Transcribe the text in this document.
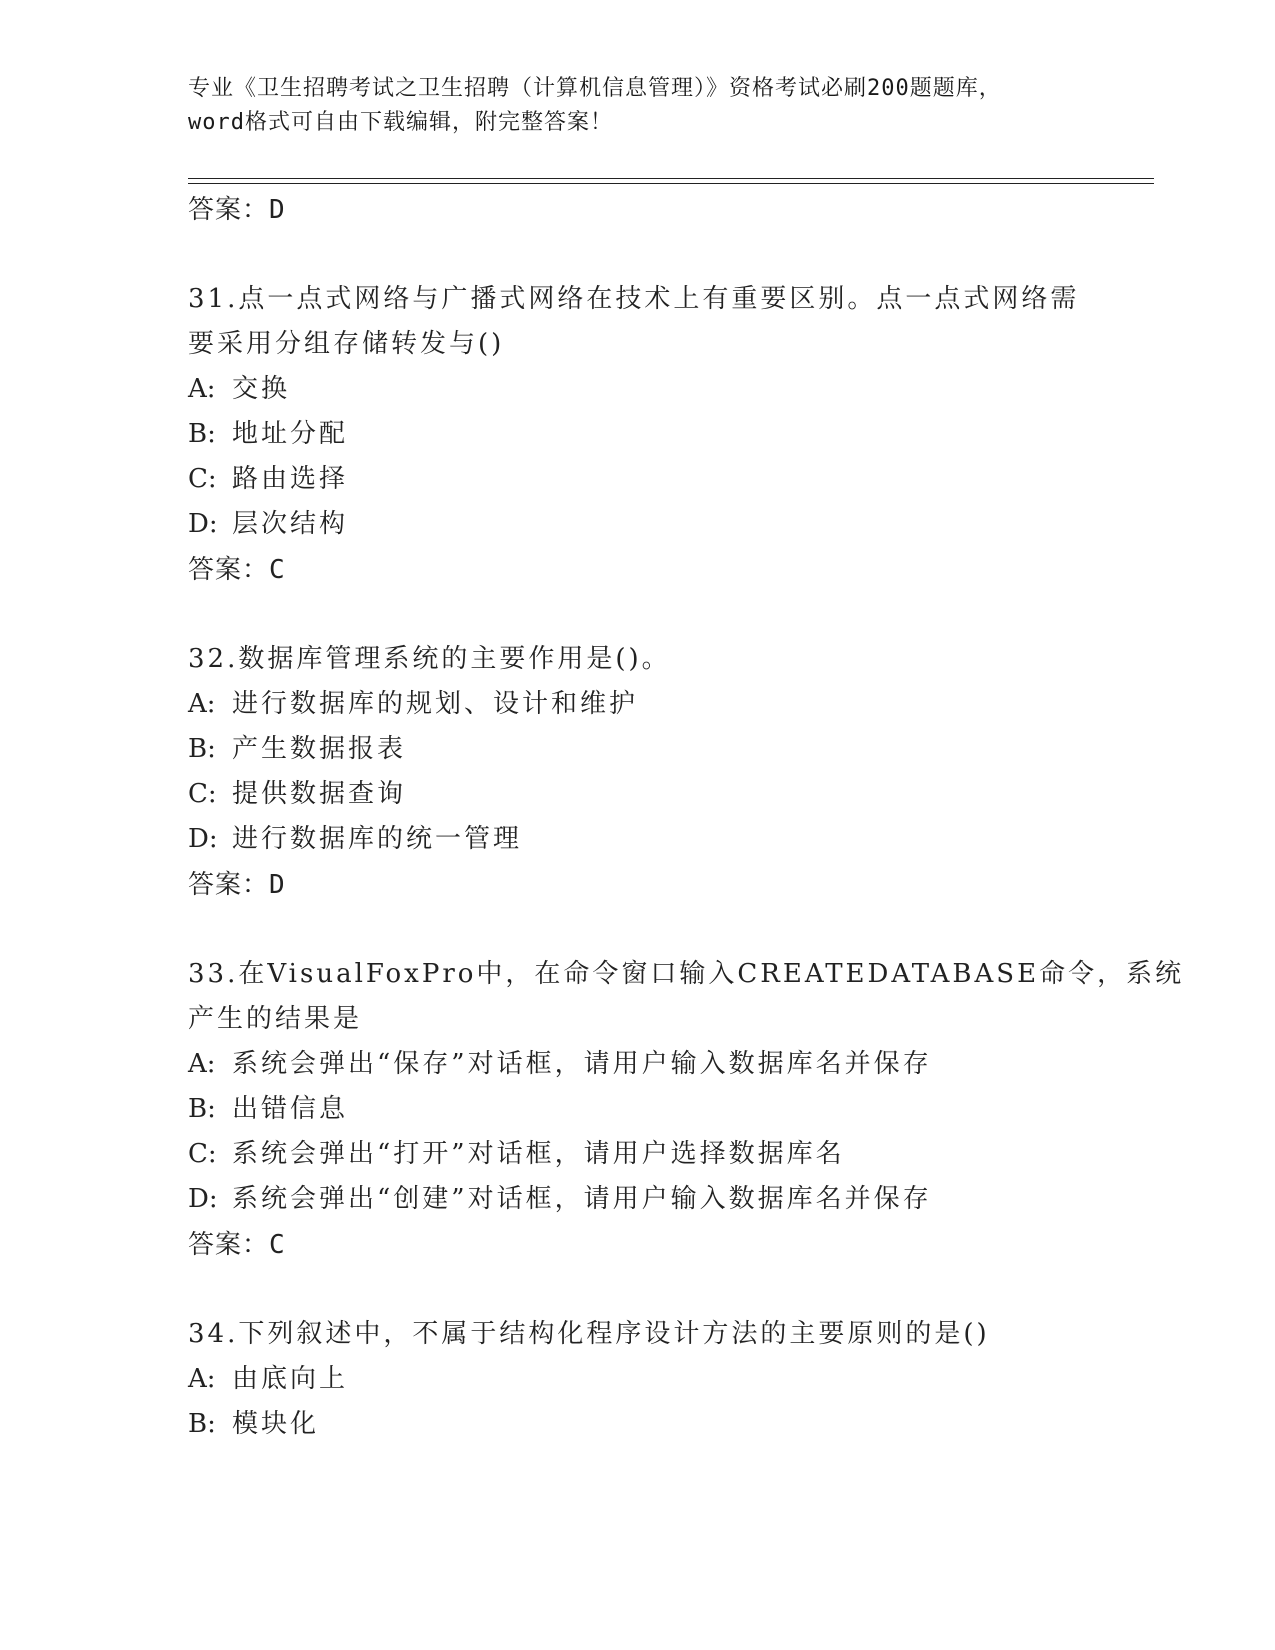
专业《卫生招聘考试之卫生招聘（计算机信息管理）》资格考试必刷200题题库，
word格式可自由下载编辑，附完整答案！
答案：D
31.点一点式网络与广播式网络在技术上有重要区别。点一点式网络需
要采用分组存储转发与()
A: 交换
B: 地址分配
C: 路由选择
D: 层次结构
答案：C
32.数据库管理系统的主要作用是()。
A: 进行数据库的规划、设计和维护
B: 产生数据报表
C: 提供数据查询
D: 进行数据库的统一管理
答案：D
33.在VisualFoxPro中，在命令窗口输入CREATEDATABASE命令，系统
产生的结果是
A: 系统会弹出“保存”对话框，请用户输入数据库名并保存
B: 出错信息
C: 系统会弹出“打开”对话框，请用户选择数据库名
D: 系统会弹出“创建”对话框，请用户输入数据库名并保存
答案：C
34.下列叙述中，不属于结构化程序设计方法的主要原则的是()
A: 由底向上
B: 模块化
